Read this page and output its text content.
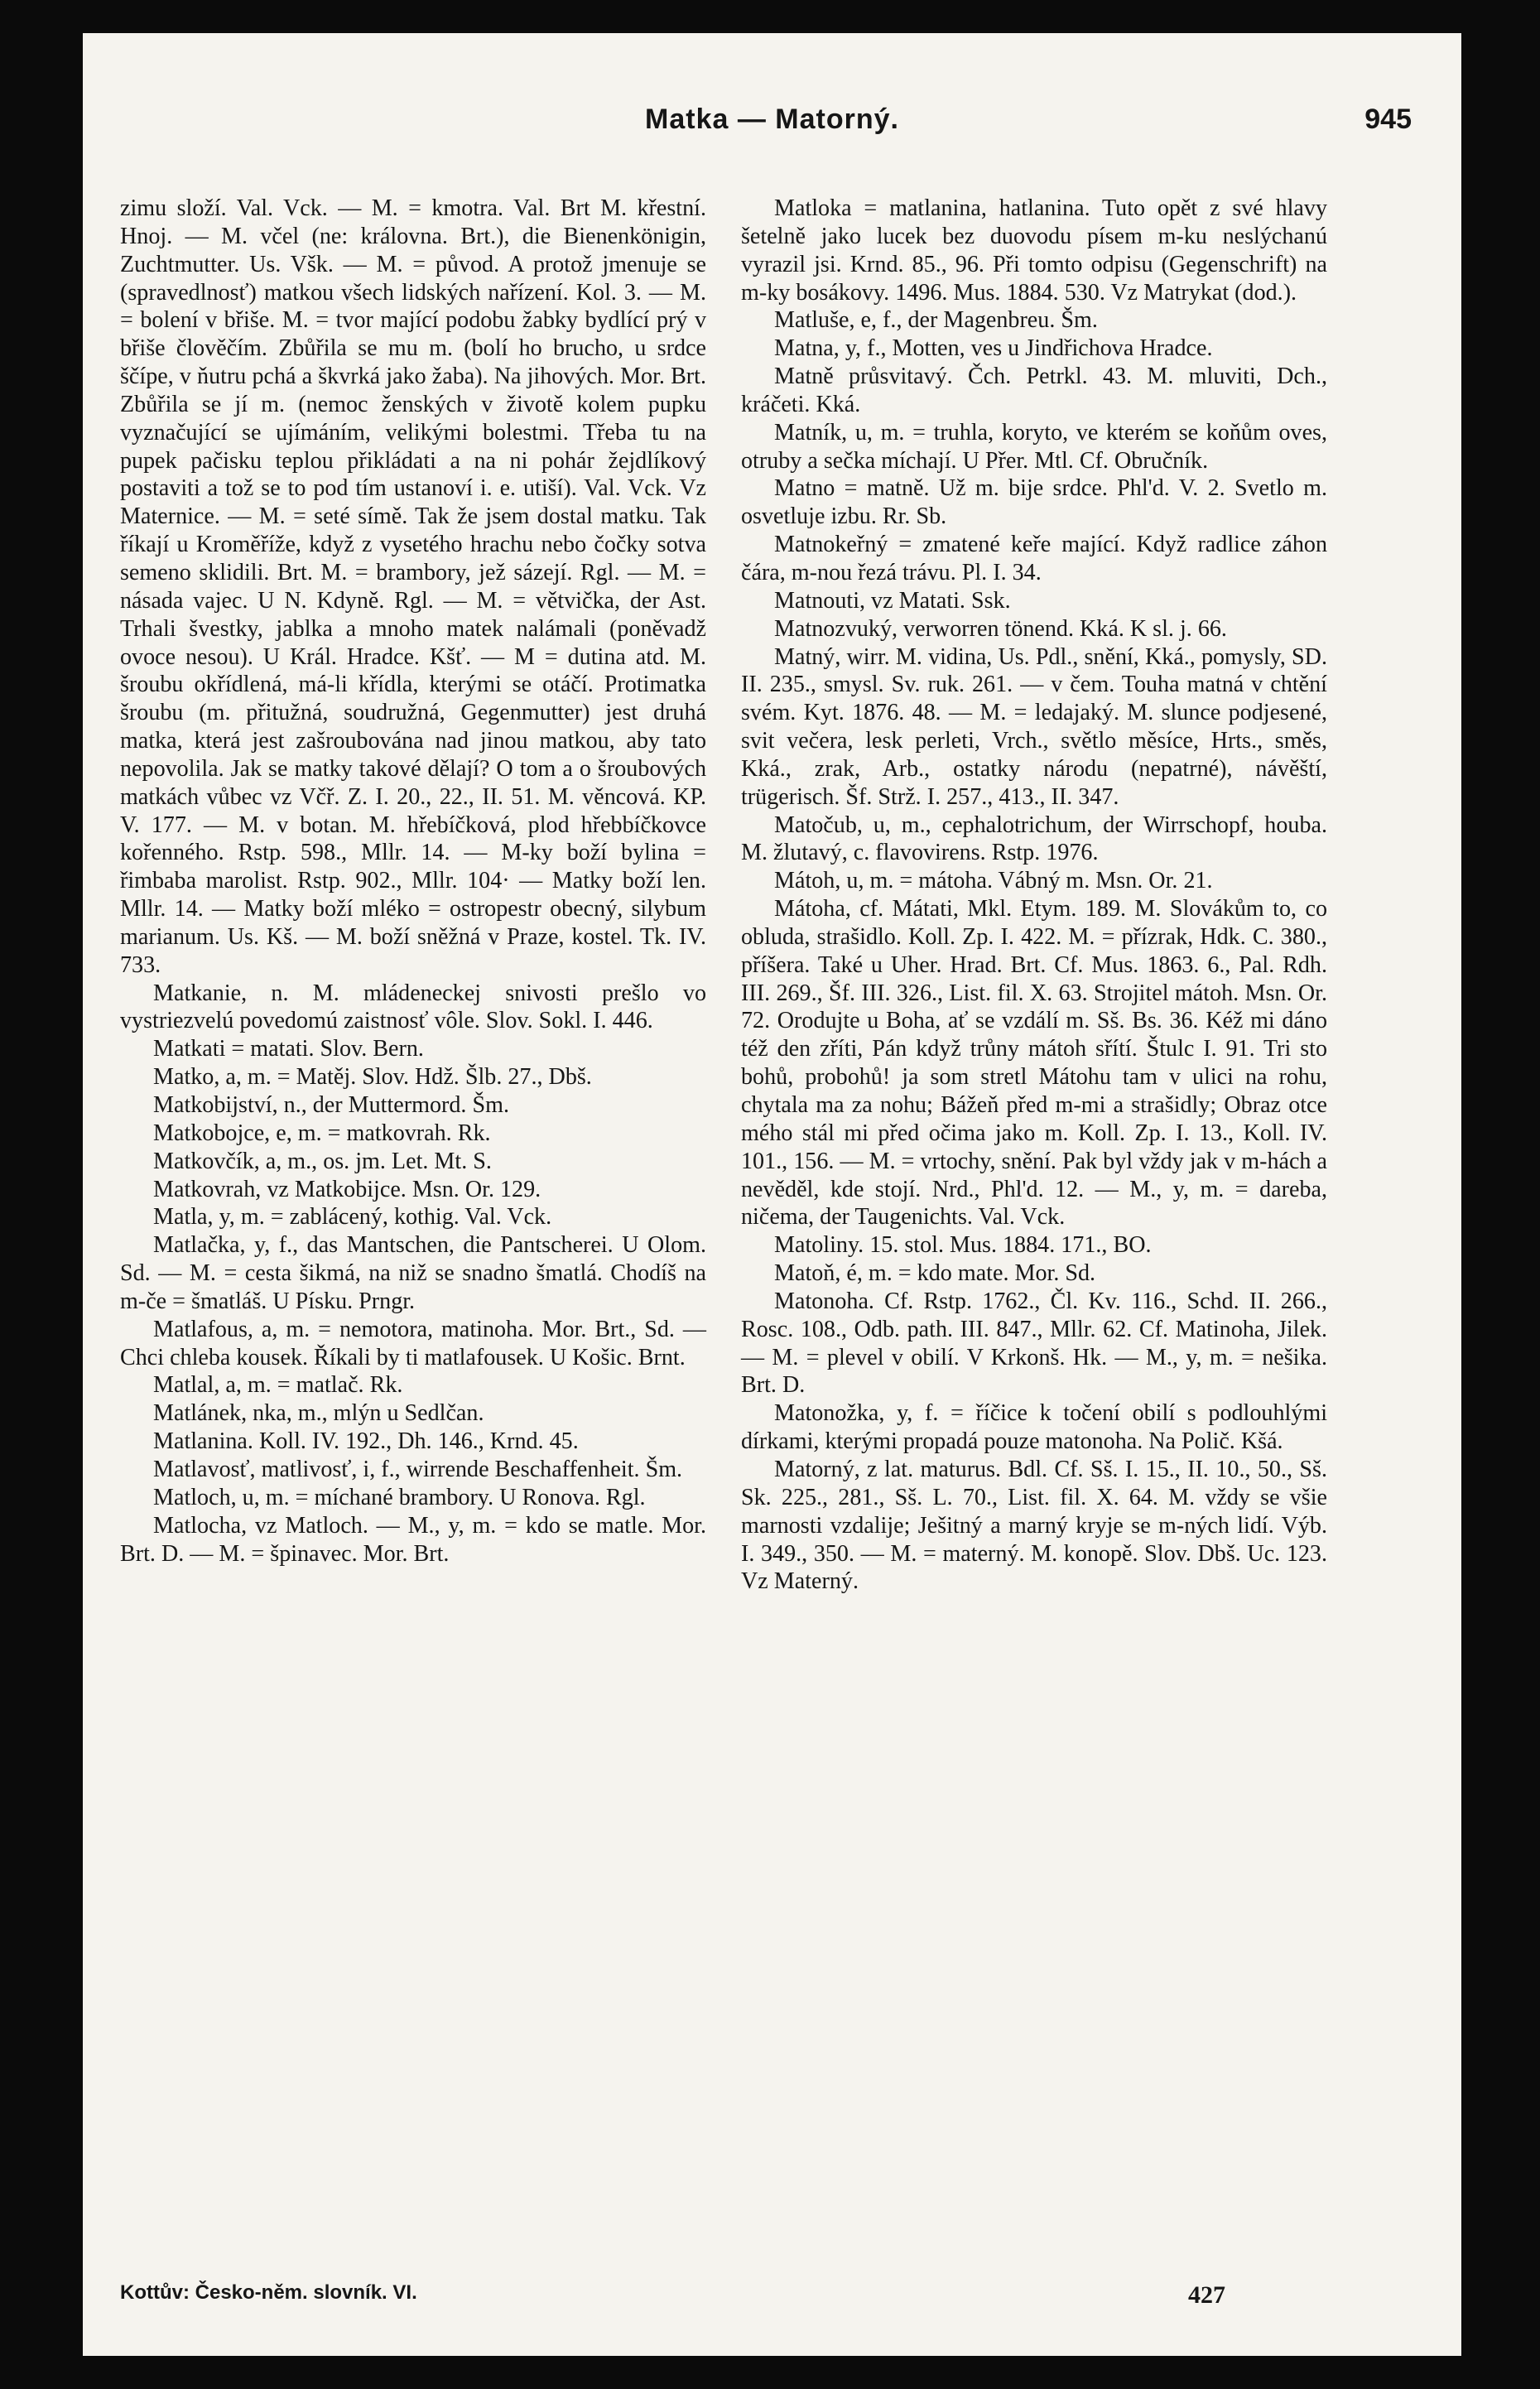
Matka — Matorný.	945

zimu složí. Val. Vck. — M. = kmotra. Val. Brt M. křestní. Hnoj. — M. včel (ne: královna. Brt.), die Bienenkönigin, Zuchtmutter. Us. Všk. — M. = původ. A protož jmenuje se (spravedlnosť) matkou všech lidských nařízení. Kol. 3. — M. = bolení v břiše. M. = tvor mající podobu žabky bydlící prý v břiše člověčím. Zbůřila se mu m. (bolí ho brucho, u srdce ščípe, v ňutru pchá a škvrká jako žaba). Na jihových. Mor. Brt. Zbůřila se jí m. (nemoc ženských v životě kolem pupku vyznačující se ujímáním, velikými bolestmi. Třeba tu na pupek pačisku teplou přikládati a na ni pohár žejdlíkový postaviti a tož se to pod tím ustanoví i. e. utiší). Val. Vck. Vz Maternice. — M. = seté símě. Tak že jsem dostal matku. Tak říkají u Kroměříže, když z vysetého hrachu nebo čočky sotva semeno sklidili. Brt. M. = brambory, jež sázejí. Rgl. — M. = násada vajec. U N. Kdyně. Rgl. — M. = větvička, der Ast. Trhali švestky, jablka a mnoho matek nalámali (poněvadž ovoce nesou). U Král. Hradce. Kšť. — M = dutina atd. M. šroubu okřídlená, má-li křídla, kterými se otáčí. Protimatka šroubu (m. přitužná, soudružná, Gegenmutter) jest druhá matka, která jest zašroubována nad jinou matkou, aby tato nepovolila. Jak se matky takové dělají? O tom a o šroubových matkách vůbec vz Včř. Z. I. 20., 22., II. 51. M. věncová. KP. V. 177. — M. v botan. M. hřebíčková, plod hřebbíčkovce kořenného. Rstp. 598., Mllr. 14. — M-ky boží bylina = řimbaba marolist. Rstp. 902., Mllr. 104· — Matky boží len. Mllr. 14. — Matky boží mléko = ostropestr obecný, silybum marianum. Us. Kš. — M. boží sněžná v Praze, kostel. Tk. IV. 733.

Matkanie, n. M. mládeneckej snivosti prešlo vo vystriezvelú povedomú zaistnosť vôle. Slov. Sokl. I. 446.

Matkati = matati. Slov. Bern.

Matko, a, m. = Matěj. Slov. Hdž. Šlb. 27., Dbš.

Matkobijství, n., der Muttermord. Šm.

Matkobojce, e, m. = matkovrah. Rk.

Matkovčík, a, m., os. jm. Let. Mt. S.

Matkovrah, vz Matkobijce. Msn. Or. 129.

Matla, y, m. = zablácený, kothig. Val. Vck.

Matlačka, y, f., das Mantschen, die Pantscherei. U Olom. Sd. — M. = cesta šikmá, na niž se snadno šmatlá. Chodíš na m-če = šmatláš. U Písku. Prngr.

Matlafous, a, m. = nemotora, matinoha. Mor. Brt., Sd. — Chci chleba kousek. Říkali by ti matlafousek. U Košic. Brnt.

Matlal, a, m. = matlač. Rk.

Matlánek, nka, m., mlýn u Sedlčan.

Matlanina. Koll. IV. 192., Dh. 146., Krnd. 45.

Matlavosť, matlivosť, i, f., wirrende Beschaffenheit. Šm.

Matloch, u, m. = míchané brambory. U Ronova. Rgl.

Matlocha, vz Matloch. — M., y, m. = kdo se matle. Mor. Brt. D. — M. = špinavec. Mor. Brt.

Matloka = matlanina, hatlanina. Tuto opět z své hlavy šetelně jako lucek bez duovodu písem m-ku neslýchanú vyrazil jsi. Krnd. 85., 96. Při tomto odpisu (Gegenschrift) na m-ky bosákovy. 1496. Mus. 1884. 530. Vz Matrykat (dod.).

Matluše, e, f., der Magenbreu. Šm.

Matna, y, f., Motten, ves u Jindřichova Hradce.

Matně průsvitavý. Čch. Petrkl. 43. M. mluviti, Dch., kráčeti. Kká.

Matník, u, m. = truhla, koryto, ve kterém se koňům oves, otruby a sečka míchají. U Přer. Mtl. Cf. Obručník.

Matno = matně. Už m. bije srdce. Phl'd. V. 2. Svetlo m. osvetluje izbu. Rr. Sb.

Matnokeřný = zmatené keře mající. Když radlice záhon čára, m-nou řezá trávu. Pl. I. 34.

Matnouti, vz Matati. Ssk.

Matnozvuký, verworren tönend. Kká. K sl. j. 66.

Matný, wirr. M. vidina, Us. Pdl., snění, Kká., pomysly, SD. II. 235., smysl. Sv. ruk. 261. — v čem. Touha matná v chtění svém. Kyt. 1876. 48. — M. = ledajaký. M. slunce podjesené, svit večera, lesk perleti, Vrch., světlo měsíce, Hrts., směs, Kká., zrak, Arb., ostatky národu (nepatrné), návěští, trügerisch. Šf. Strž. I. 257., 413., II. 347.

Matočub, u, m., cephalotrichum, der Wirrschopf, houba. M. žlutavý, c. flavovirens. Rstp. 1976.

Mátoh, u, m. = mátoha. Vábný m. Msn. Or. 21.

Mátoha, cf. Mátati, Mkl. Etym. 189. M. Slovákům to, co obluda, strašidlo. Koll. Zp. I. 422. M. = přízrak, Hdk. C. 380., příšera. Také u Uher. Hrad. Brt. Cf. Mus. 1863. 6., Pal. Rdh. III. 269., Šf. III. 326., List. fil. X. 63. Strojitel mátoh. Msn. Or. 72. Orodujte u Boha, ať se vzdálí m. Sš. Bs. 36. Kéž mi dáno též den zříti, Pán když trůny mátoh sřítí. Štulc I. 91. Tri sto bohů, probohů! ja som stretl Mátohu tam v ulici na rohu, chytala ma za nohu; Bážeň před m-mi a strašidly; Obraz otce mého stál mi před očima jako m. Koll. Zp. I. 13., Koll. IV. 101., 156. — M. = vrtochy, snění. Pak byl vždy jak v m-hách a nevěděl, kde stojí. Nrd., Phl'd. 12. — M., y, m. = dareba, ničema, der Taugenichts. Val. Vck.

Matoliny. 15. stol. Mus. 1884. 171., BO.

Matoň, é, m. = kdo mate. Mor. Sd.

Matonoha. Cf. Rstp. 1762., Čl. Kv. 116., Schd. II. 266., Rosc. 108., Odb. path. III. 847., Mllr. 62. Cf. Matinoha, Jilek. — M. = plevel v obilí. V Krkonš. Hk. — M., y, m. = nešika. Brt. D.

Matonožka, y, f. = říčice k točení obilí s podlouhlými dírkami, kterými propadá pouze matonoha. Na Polič. Kšá.

Matorný, z lat. maturus. Bdl. Cf. Sš. I. 15., II. 10., 50., Sš. Sk. 225., 281., Sš. L. 70., List. fil. X. 64. M. vždy se všie marnosti vzdalije; Ješitný a marný kryje se m-ných lidí. Výb. I. 349., 350. — M. = materný. M. konopě. Slov. Dbš. Uc. 123. Vz Materný.

Kottův: Česko-něm. slovník. VI.	427
